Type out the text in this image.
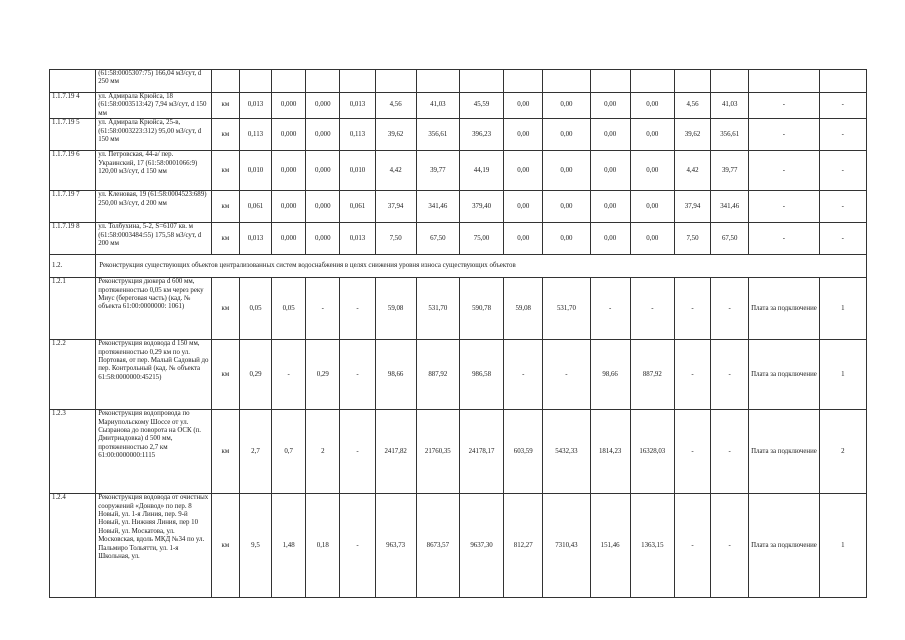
	(61:58:0005307:75) 166,04 м3/сут, d 250 мм																
1.1.7.19 4	ул. Адмирала Крюйса, 18 (61:58:0003513:42) 7,94 м3/сут, d 150 мм	км	0,013	0,000	0,000	0,013	4,56	41,03	45,59	0,00	0,00	0,00	0,00	4,56	41,03	-	-
1.1.7.19 5	ул. Адмирала Крюйса, 25-в, (61:58:0003223:312) 95,00 м3/сут, d 150 мм	км	0,113	0,000	0,000	0,113	39,62	356,61	396,23	0,00	0,00	0,00	0,00	39,62	356,61	-	-
1.1.7.19 6	ул. Петровская, 44-а/ пер. Украинский, 17 (61:58:0001066:9) 120,00 м3/сут, d 150 мм	км	0,010	0,000	0,000	0,010	4,42	39,77	44,19	0,00	0,00	0,00	0,00	4,42	39,77	-	-
1.1.7.19 7	ул. Кленовая, 19 (61:58:0004523:689) 250,00 м3/сут, d 200 мм	км	0,061	0,000	0,000	0,061	37,94	341,46	379,40	0,00	0,00	0,00	0,00	37,94	341,46	-	-
1.1.7.19 8	ул. Толбухина, 5-2, S=6107 кв. м (61:58:0003484:55) 175,58 м3/сут, d 200 мм	км	0,013	0,000	0,000	0,013	7,50	67,50	75,00	0,00	0,00	0,00	0,00	7,50	67,50	-	-
1.2.	Реконструкция существующих объектов централизованных систем водоснабжения в целях снижения уровня износа существующих объектов																
1.2.1	Реконструкция дюкера d 600 мм, протяженностью 0,05 км через реку Миус (береговая часть) (кад. № объекта 61:00:0000000: 1061)	км	0,05	0,05	-	-	59,08	531,70	590,78	59,08	531,70	-	-	-	-	Плата за подключение	1
1.2.2	Реконструкция водовода d 150 мм, протяженностью 0,29 км по ул. Портовая, от пер. Малый Садовый до пер. Контрольный (кад. № объекта 61:58:0000000:45215)	км	0,29	-	0,29	-	98,66	887,92	986,58	-	-	98,66	887,92	-	-	Плата за подключение	1
1.2.3	Реконструкция водопровода по Мариупольскому Шоссе от ул. Сызранова до поворота на ОСК (п. Дмитриадовка) d 500 мм, протяженностью 2,7 км 61:00:0000000:1115	км	2,7	0,7	2	-	2417,82	21760,35	24178,17	603,59	5432,33	1814,23	16328,03	-	-	Плата за подключение	2
1.2.4	Реконструкция водовода от очистных сооружений «Донвод» по пер. 8 Новый, ул. 1-я Линия, пер. 9-й Новый, ул. Нижняя Линия, пер 10 Новый, ул. Москатова, ул. Московская, вдоль МКД №34 по ул. Пальмиро Тольятти, ул. 1-я Школьная, ул.	км	9,5	1,48	0,18	-	963,73	8673,57	9637,30	812,27	7310,43	151,46	1363,15	-	-	Плата за подключение	1
